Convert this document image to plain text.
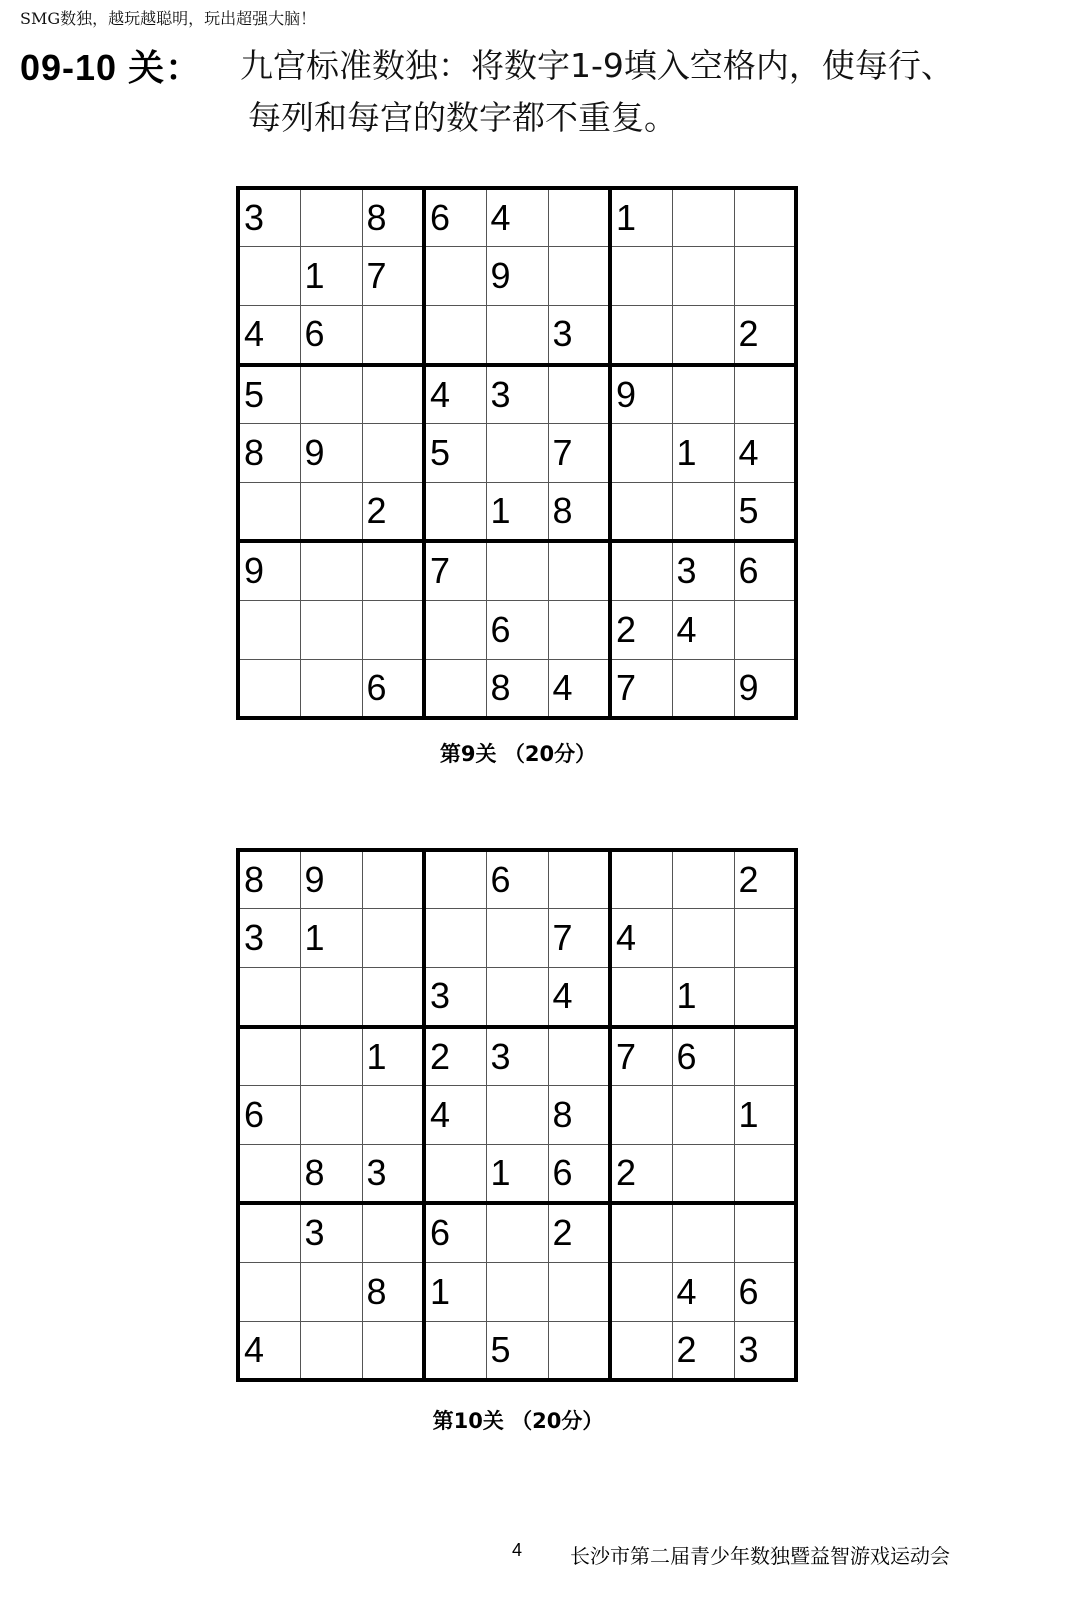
SMG数独，越玩越聪明，玩出超强大脑！
09-10 关： 九宫标准数独：将数字1-9填入空格内，使每行、
每列和每宫的数字都不重复。
3		8	6	4		1		
	1	7		9				
4	6				3			2
5			4	3		9		
8	9		5		7		1	4
		2		1	8			5
9			7				3	6
				6		2	4	
		6		8	4	7		9
第9关 （20分）
8	9			6				2
3	1				7	4		
			3		4		1	
		1	2	3		7	6	
6			4		8			1
	8	3		1	6	2		
	3		6		2			
		8	1				4	6
4				5			2	3
第10关 （20分）
4 长沙市第二届青少年数独暨益智游戏运动会
